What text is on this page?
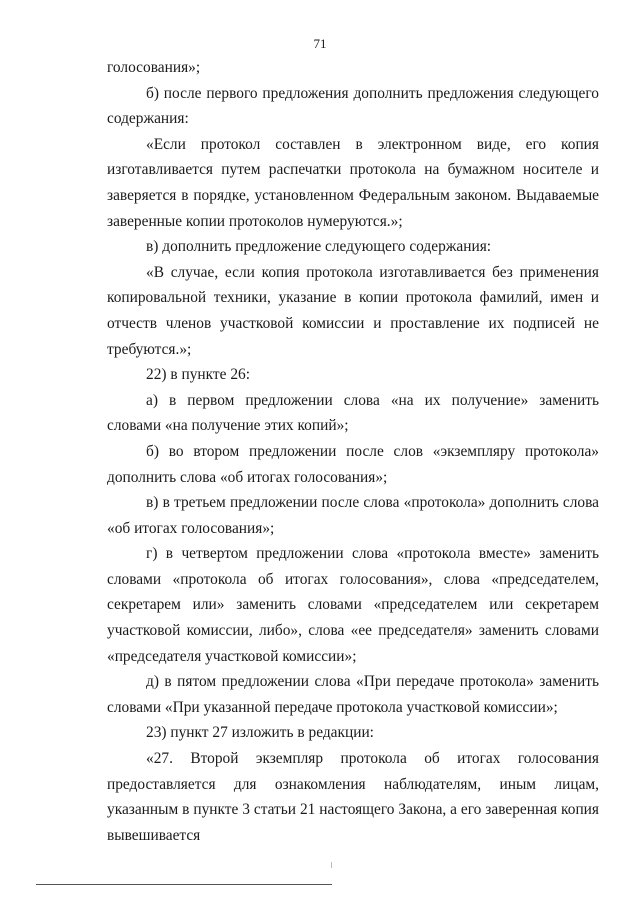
71

голосования»;

б) после первого предложения дополнить предложения следующего содержания:

«Если протокол составлен в электронном виде, его копия изготавливается путем распечатки протокола на бумажном носителе и заверяется в порядке, установленном Федеральным законом. Выдаваемые заверенные копии протоколов нумеруются.»;

в) дополнить предложение следующего содержания:

«В случае, если копия протокола изготавливается без применения копировальной техники, указание в копии протокола фамилий, имен и отчеств членов участковой комиссии и проставление их подписей не требуются.»;

22) в пункте 26:

а) в первом предложении слова «на их получение» заменить словами «на получение этих копий»;

б) во втором предложении после слов «экземпляру протокола» дополнить слова «об итогах голосования»;

в) в третьем предложении после слова «протокола» дополнить слова «об итогах голосования»;

г) в четвертом предложении слова «протокола вместе» заменить словами «протокола об итогах голосования», слова «председателем, секретарем или» заменить словами «председателем или секретарем участковой комиссии, либо», слова «ее председателя» заменить словами «председателя участковой комиссии»;

д) в пятом предложении слова «При передаче протокола» заменить словами «При указанной передаче протокола участковой комиссии»;

23) пункт 27 изложить в редакции:

«27. Второй экземпляр протокола об итогах голосования предоставляется для ознакомления наблюдателям, иным лицам, указанным в пункте 3 статьи 21 настоящего Закона, а его заверенная копия вывешивается
